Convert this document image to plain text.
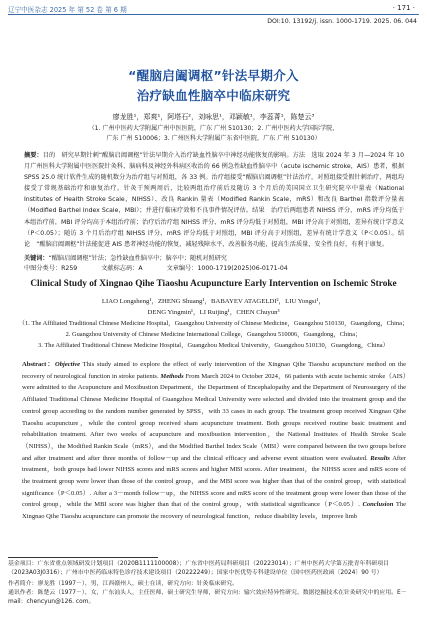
辽宁中医杂志 2025 年 第 52 卷 第 6 期	· 171 ·
DOI:10. 13192/j. issn. 1000-1719. 2025. 06. 044
“醒脑启阖调枢”针法早期介入
治疗缺血性脑卒中临床研究
廖龙胜¹，郑爽¹，阿塔石²，刘咏思¹，邓颖敏¹，李蕊菁¹，陈楚云³
（1. 广州中医药大学附属广州中医医院，广东 广州 510130；2. 广州中医药大学国际学院，
广东 广州 510006；3. 广州医科大学附属广东省中医院，广东 广州 510130）
摘要：目的　研究早期针刺“醒脑启阖调枢”针法早期介入治疗缺血性脑卒中神经功能恢复的影响。方法　选取 2024 年 3 月—2024 年 10 月广州医科大学附属中医医院针灸科、脑病科及神经外科病区收治的 66 例急性缺血性脑卒中（acute ischemic stroke，AIS）患者，根据 SPSS 25.0 统计软件生成的随机数分为治疗组与对照组，各 33 例。治疗组接受“醒脑启阖调枢”针法治疗，对照组接受假针刺治疗，两组均接受了常规基础治疗和康复治疗。针灸干预两周后，比较两组治疗前后及随访 3 个月后的美国国立卫生研究院卒中量表（National Institutes of Health Stroke Scale，NIHSS）、改良 Rankin 量表（Modified Rankin Scale，mRS）和改良 Barthel 指数评分量表（Modified Barthel Index Scale，MBI）；并进行临床疗效和不良事件情况评估。结果　治疗后两组患者 NIHSS 评分、mRS 评分均低于本组治疗前，MBI 评分均高于本组治疗前；治疗后治疗组 NIHSS 评分、mRS 评分均低于对照组，MBI 评分高于对照组，差异有统计学意义（P＜0.05）；随访 3 个月后治疗组 NIHSS 评分、mRS 评分均低于对照组，MBI 评分高于对照组，差异有统计学意义（P＜0.05）。结论　“醒脑启阖调枢”针法能促进 AIS 患者神经功能的恢复，减轻残障水平，改善服务功能，提高生活质量，安全性良好，有利于康复。
关键词：“醒脑启阖调枢”针法；急性缺血性脑卒中；脑卒中；随机对照研究
中图分类号：R259	文献标志码：A	文章编号：1000-1719(2025)06-0171-04
Clinical Study of Xingnao Qihe Tiaoshu Acupuncture Early Intervention on Ischemic Stroke
LIAO Longsheng¹，ZHENG Shuang¹，BABAYEV ATAGELDI²，LIU Yongsi¹，
DENG Yingmin¹，LI Ruijing¹，CHEN Chuyun³
（1. The Affiliated Traditional Chinese Medicine Hospital，Guangzhou University of Chinese Medicine，Guangzhou 510130，Guangdong，China；
2. Guangzhou University of Chinese Medicine International College，Guangzhou 510006，Guangdong，China；
3. The Affiliated Traditional Chinese Medicine Hospital，Guangzhou Medical University，Guangzhou 510130，Guangdong，China）
Abstract：Objective This study aimed to explore the effect of early intervention of the Xingnao Qihe Tiaoshu acupuncture method on the recovery of neurological function in stroke patients. Methods From March 2024 to October 2024，66 patients with acute ischemic stroke（AIS）were admitted to the Acupuncture and Moxibustion Department，the Department of Encephalopathy and the Department of Neurosurgery of the Affiliated Traditional Chinese Medicine Hospital of Guangzhou Medical University were selected and divided into the treatment group and the control group according to the random number generated by SPSS，with 33 cases in each group. The treatment group received Xingnao Qihe Tiaoshu acupuncture，while the control group received sham acupuncture treatment. Both groups received routine basic treatment and rehabilitation treatment. After two weeks of acupuncture and moxibustion intervention，the National Institutes of Health Stroke Scale（NIHSS），the Modified Rankin Scale（mRS），and the Modified Barthel Index Scale（MBI）were compared between the two groups before and after treatment and after three months of follow－up and the clinical efficacy and adverse event situation were evaluated. Results After treatment，both groups had lower NIHSS scores and mRS scores and higher MBI scores. After treatment，the NIHSS score and mRS score of the treatment group were lower than those of the control group，and the MBI score was higher than that of the control group，with statistical significance（P＜0.05）. After a 3－month follow－up，the NIHSS score and mRS score of the treatment group were lower than those of the control group，while the MBI score was higher than that of the control group，with statistical significance（P＜0.05）. Conclusion The Xingnao Qihe Tiaoshu acupuncture can promote the recovery of neurological function，reduce disability levels，improve limb
基金项目：广东省重点领域研发计划项目（2020B1111100008）；广东省中医药局科研项目（20223014）；广州中医药大学第五批青年科研项目（2023A03J0316）；广州市中医药临床特色诊疗技术建设项目（20222249）；国家中医优势专科建设单位（国中医药医政函〔2024〕90 号）
作者简介：廖龙胜（1997－），男，江西赣州人，硕士在读，研究方向：针灸临床研究。
通讯作者：陈楚云（1977－），女，广东汕头人，主任医师，硕士研究生导师，研究方向：输穴效应特异性研究、数据挖掘技术在针灸研究中的应用。E－
mail：chencyun@126. com。
